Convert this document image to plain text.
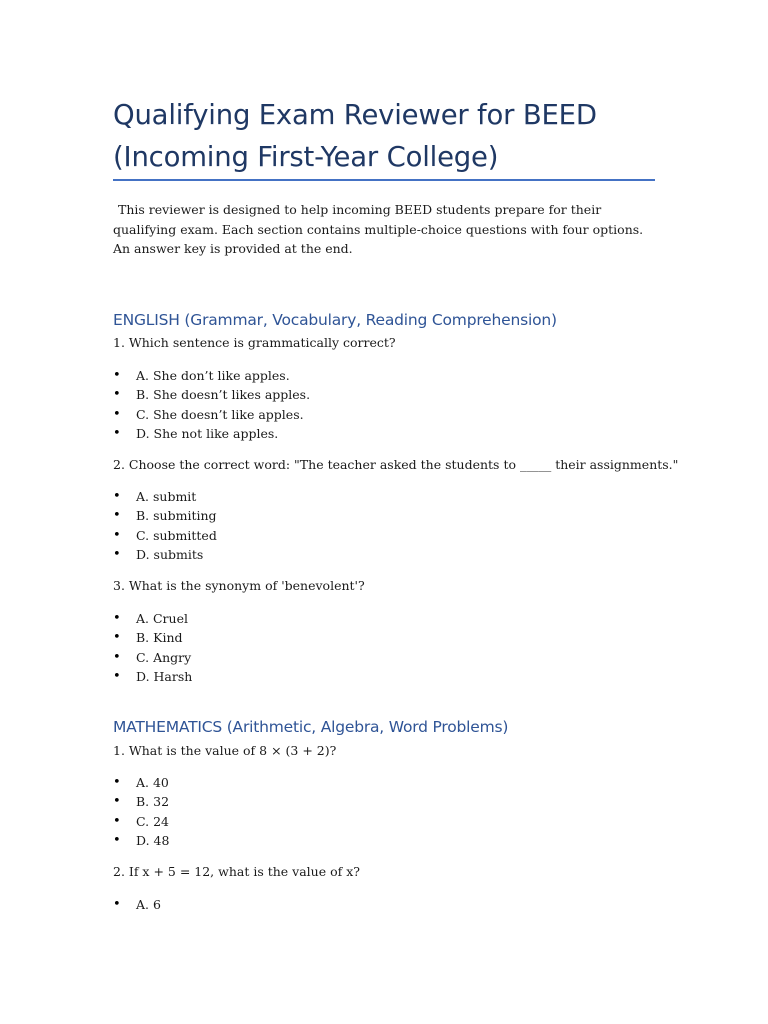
Qualifying Exam Reviewer for BEED
(Incoming First-Year College)

This reviewer is designed to help incoming BEED students prepare for their qualifying exam. Each section contains multiple-choice questions with four options. An answer key is provided at the end.

ENGLISH (Grammar, Vocabulary, Reading Comprehension)

1. Which sentence is grammatically correct?

• A. She don’t like apples.
• B. She doesn’t likes apples.
• C. She doesn’t like apples.
• D. She not like apples.

2. Choose the correct word: "The teacher asked the students to _____ their assignments."

• A. submit
• B. submiting
• C. submitted
• D. submits

3. What is the synonym of 'benevolent'?

• A. Cruel
• B. Kind
• C. Angry
• D. Harsh
MATHEMATICS (Arithmetic, Algebra, Word Problems)

1. What is the value of 8 × (3 + 2)?

• A. 40
• B. 32
• C. 24
• D. 48

2. If x + 5 = 12, what is the value of x?

• A. 6
